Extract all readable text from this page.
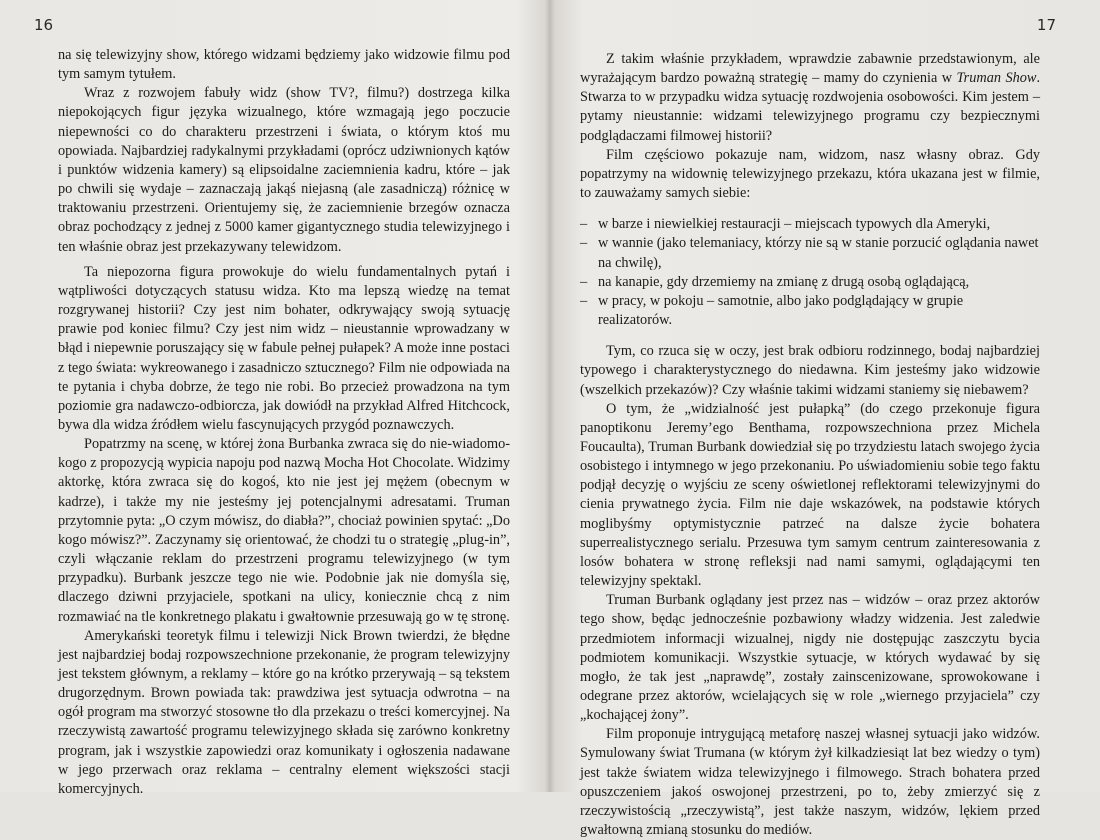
16

na się telewizyjny show, którego widzami będziemy jako widzowie filmu pod tym samym tytułem.

Wraz z rozwojem fabuły widz (show TV?, filmu?) dostrzega kilka niepokojących figur języka wizualnego, które wzmagają jego poczucie niepewności co do charakteru przestrzeni i świata, o którym ktoś mu opowiada. Najbardziej radykalnymi przykładami (oprócz udziwnionych kątów i punktów widzenia kamery) są elipsoidalne zaciemnienia kadru, które – jak po chwili się wydaje – zaznaczają jakąś niejasną (ale zasadniczą) różnicę w traktowaniu przestrzeni. Orientujemy się, że zaciemnienie brzegów oznacza obraz pochodzący z jednej z 5000 kamer gigantycznego studia telewizyjnego i ten właśnie obraz jest przekazywany telewidzom.

Ta niepozorna figura prowokuje do wielu fundamentalnych pytań i wątpliwości dotyczących statusu widza. Kto ma lepszą wiedzę na temat rozgrywanej historii? Czy jest nim bohater, odkrywający swoją sytuację prawie pod koniec filmu? Czy jest nim widz – nieustannie wprowadzany w błąd i niepewnie poruszający się w fabule pełnej pułapek? A może inne postaci z tego świata: wykreowanego i zasadniczo sztucznego? Film nie odpowiada na te pytania i chyba dobrze, że tego nie robi. Bo przecież prowadzona na tym poziomie gra nadawczo-odbiorcza, jak dowiódł na przykład Alfred Hitchcock, bywa dla widza źródłem wielu fascynujących przygód poznawczych.

Popatrzmy na scenę, w której żona Burbanka zwraca się do nie-wiadomo-kogo z propozycją wypicia napoju pod nazwą Mocha Hot Chocolate. Widzimy aktorkę, która zwraca się do kogoś, kto nie jest jej mężem (obecnym w kadrze), i także my nie jesteśmy jej potencjalnymi adresatami. Truman przytomnie pyta: „O czym mówisz, do diabła?”, chociaż powinien spytać: „Do kogo mówisz?”. Zaczynamy się orientować, że chodzi tu o strategię „plug-in”, czyli włączanie reklam do przestrzeni programu telewizyjnego (w tym przypadku). Burbank jeszcze tego nie wie. Podobnie jak nie domyśla się, dlaczego dziwni przyjaciele, spotkani na ulicy, koniecznie chcą z nim rozmawiać na tle konkretnego plakatu i gwałtownie przesuwają go w tę stronę.

Amerykański teoretyk filmu i telewizji Nick Brown twierdzi, że błędne jest najbardziej bodaj rozpowszechnione przekonanie, że program telewizyjny jest tekstem głównym, a reklamy – które go na krótko przerywają – są tekstem drugorzędnym. Brown powiada tak: prawdziwa jest sytuacja odwrotna – na ogół program ma stworzyć stosowne tło dla przekazu o treści komercyjnej. Na rzeczywistą zawartość programu telewizyjnego składa się zarówno konkretny program, jak i wszystkie zapowiedzi oraz komunikaty i ogłoszenia nadawane w jego przerwach oraz reklama – centralny element większości stacji komercyjnych.

17

Z takim właśnie przykładem, wprawdzie zabawnie przedstawionym, ale wyrażającym bardzo poważną strategię – mamy do czynienia w Truman Show. Stwarza to w przypadku widza sytuację rozdwojenia osobowości. Kim jestem – pytamy nieustannie: widzami telewizyjnego programu czy bezpiecznymi podglądaczami filmowej historii?

Film częściowo pokazuje nam, widzom, nasz własny obraz. Gdy popatrzymy na widownię telewizyjnego przekazu, która ukazana jest w filmie, to zauważamy samych siebie:

– w barze i niewielkiej restauracji – miejscach typowych dla Ameryki,
– w wannie (jako telemaniacy, którzy nie są w stanie porzucić oglądania nawet na chwilę),
– na kanapie, gdy drzemiemy na zmianę z drugą osobą oglądającą,
– w pracy, w pokoju – samotnie, albo jako podglądający w grupie realizatorów.

Tym, co rzuca się w oczy, jest brak odbioru rodzinnego, bodaj najbardziej typowego i charakterystycznego do niedawna. Kim jesteśmy jako widzowie (wszelkich przekazów)? Czy właśnie takimi widzami staniemy się niebawem?

O tym, że „widzialność jest pułapką” (do czego przekonuje figura panoptikonu Jeremy’ego Benthama, rozpowszechniona przez Michela Foucaulta), Truman Burbank dowiedział się po trzydziestu latach swojego życia osobistego i intymnego w jego przekonaniu. Po uświadomieniu sobie tego faktu podjął decyzję o wyjściu ze sceny oświetlonej reflektorami telewizyjnymi do cienia prywatnego życia. Film nie daje wskazówek, na podstawie których moglibyśmy optymistycznie patrzeć na dalsze życie bohatera superrealistycznego serialu. Przesuwa tym samym centrum zainteresowania z losów bohatera w stronę refleksji nad nami samymi, oglądającymi ten telewizyjny spektakl.

Truman Burbank oglądany jest przez nas – widzów – oraz przez aktorów tego show, będąc jednocześnie pozbawiony władzy widzenia. Jest zaledwie przedmiotem informacji wizualnej, nigdy nie dostępując zaszczytu bycia podmiotem komunikacji. Wszystkie sytuacje, w których wydawać by się mogło, że tak jest „naprawdę”, zostały zainscenizowane, sprowokowane i odegrane przez aktorów, wcielających się w role „wiernego przyjaciela” czy „kochającej żony”.

Film proponuje intrygującą metaforę naszej własnej sytuacji jako widzów. Symulowany świat Trumana (w którym żył kilkadziesiąt lat bez wiedzy o tym) jest także światem widza telewizyjnego i filmowego. Strach bohatera przed opuszczeniem jakoś oswojonej przestrzeni, po to, żeby zmierzyć się z rzeczywistością „rzeczywistą”, jest także naszym, widzów, lękiem przed gwałtowną zmianą stosunku do mediów.
